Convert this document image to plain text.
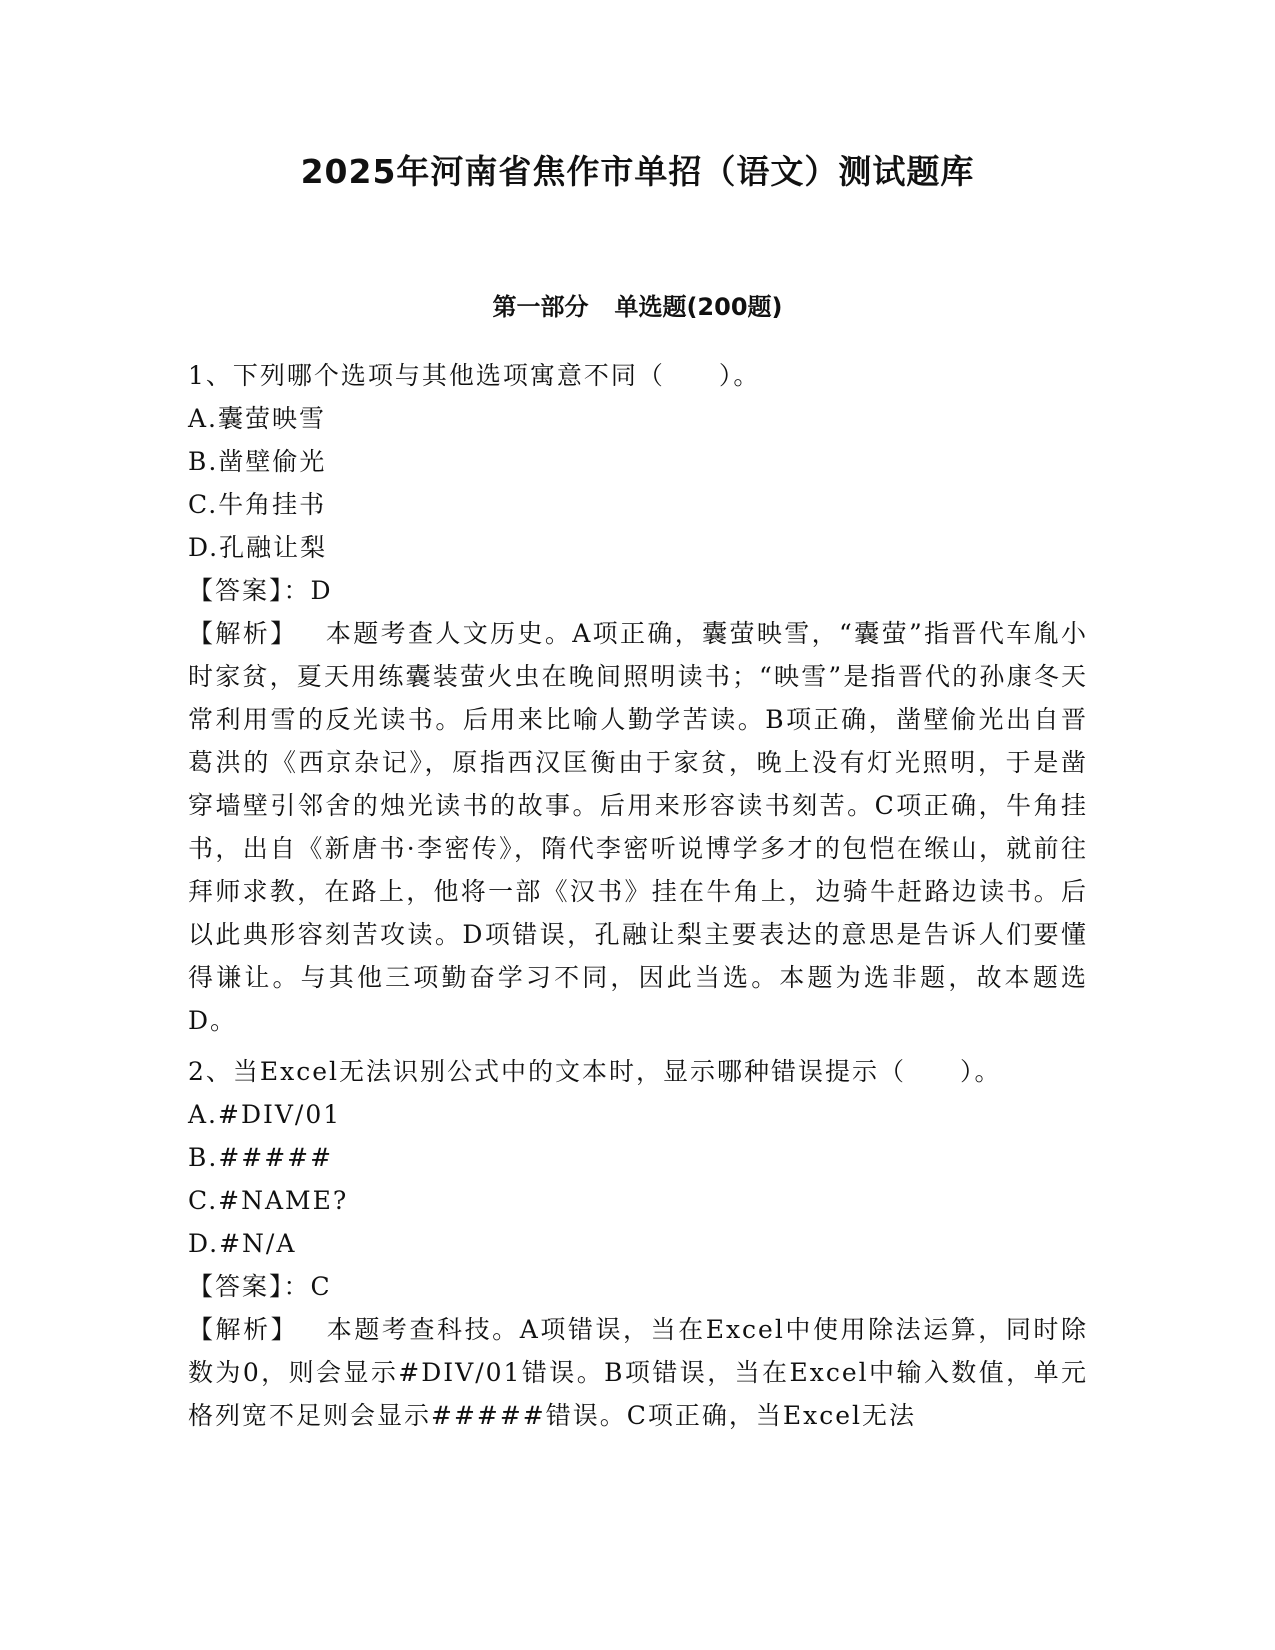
2025年河南省焦作市单招（语文）测试题库
第一部分 单选题(200题)

1、下列哪个选项与其他选项寓意不同（　　）。

A.囊萤映雪

B.凿壁偷光

C.牛角挂书

D.孔融让梨

【答案】：D

【解析】 本题考查人文历史。A项正确，囊萤映雪，“囊萤”指晋代车胤小时家贫，夏天用练囊装萤火虫在晚间照明读书；“映雪”是指晋代的孙康冬天常利用雪的反光读书。后用来比喻人勤学苦读。B项正确，凿壁偷光出自晋葛洪的《西京杂记》，原指西汉匡衡由于家贫，晚上没有灯光照明，于是凿穿墙壁引邻舍的烛光读书的故事。后用来形容读书刻苦。C项正确，牛角挂书，出自《新唐书·李密传》，隋代李密听说博学多才的包恺在缑山，就前往拜师求教，在路上，他将一部《汉书》挂在牛角上，边骑牛赶路边读书。后以此典形容刻苦攻读。D项错误，孔融让梨主要表达的意思是告诉人们要懂得谦让。与其他三项勤奋学习不同，因此当选。本题为选非题，故本题选D。

2、当Excel无法识别公式中的文本时，显示哪种错误提示（　　）。

A.#DIV/01

B.#####

C.#NAME?

D.#N/A

【答案】：C

【解析】 本题考查科技。A项错误，当在Excel中使用除法运算，同时除数为0，则会显示#DIV/01错误。B项错误，当在Excel中输入数值，单元格列宽不足则会显示#####错误。C项正确，当Excel无法
